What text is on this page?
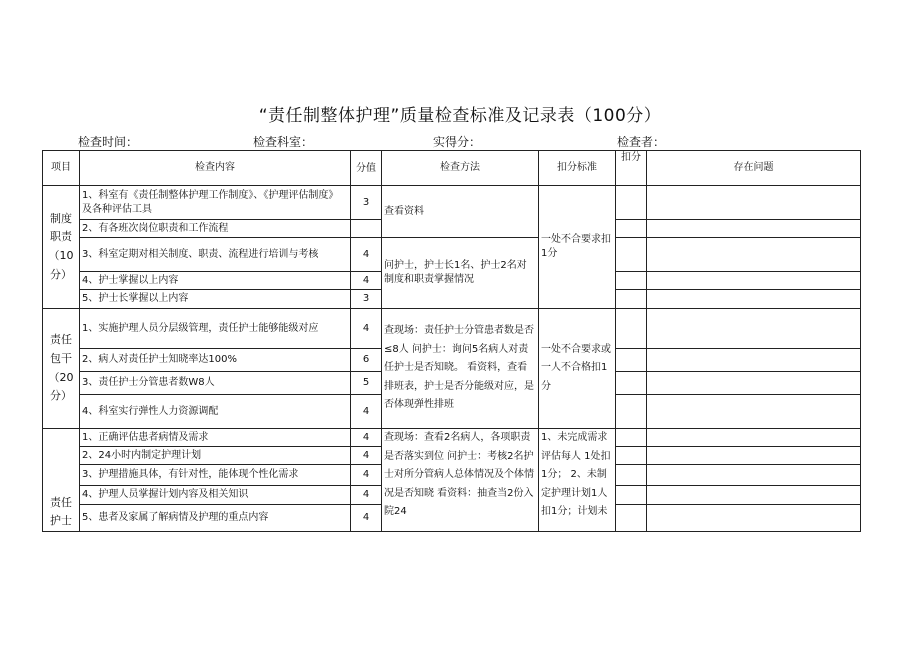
“责任制整体护理”质量检查标准及记录表（100分）
检查时间：	检查科室：	实得分：	检查者：
项目	检查内容	分值	检查方法	扣分标准	扣分	存在问题
制度职责（10分）	1、科室有《责任制整体护理工作制度》、《护理评估制度》及各种评估工具	3	查看资料	一处不合要求扣1分		
	2、有各班次岗位职责和工作流程					
	3、科室定期对相关制度、职责、流程进行培训与考核	4	问护士，护士长1名、护士2名对制度和职责掌握情况			
	4、护士掌握以上内容	4				
	5、护士长掌握以上内容	3				
责任包干（20分）	1、实施护理人员分层级管理，责任护士能够能级对应	4	查现场：责任护士分管患者数是否≤8人 问护士：询问5名病人对责任护士是否知晓。 看资料，查看排班表，护士是否分能级对应，是否体现弹性排班	一处不合要求或一人不合格扣1分		
	2、病人对责任护士知晓率达100%	6				
	3、责任护士分管患者数W8人	5				
	4、科室实行弹性人力资源调配	4				
责任护士	1、正确评估患者病情及需求	4	查现场：查看2名病人，各项职责是否落实到位 问护士：考核2名护士对所分管病人总体情况及个体情况是否知晓 看资料：抽查当2份入院24	1、未完成需求评估每人 1处扣1分； 2、未制定护理计划1人扣1分；计划未		
	2、24小时内制定护理计划	4				
	3、护理措施具体，有针对性，能体现个性化需求	4				
	4、护理人员掌握计划内容及相关知识	4				
	5、患者及家属了解病情及护理的重点内容	4				
